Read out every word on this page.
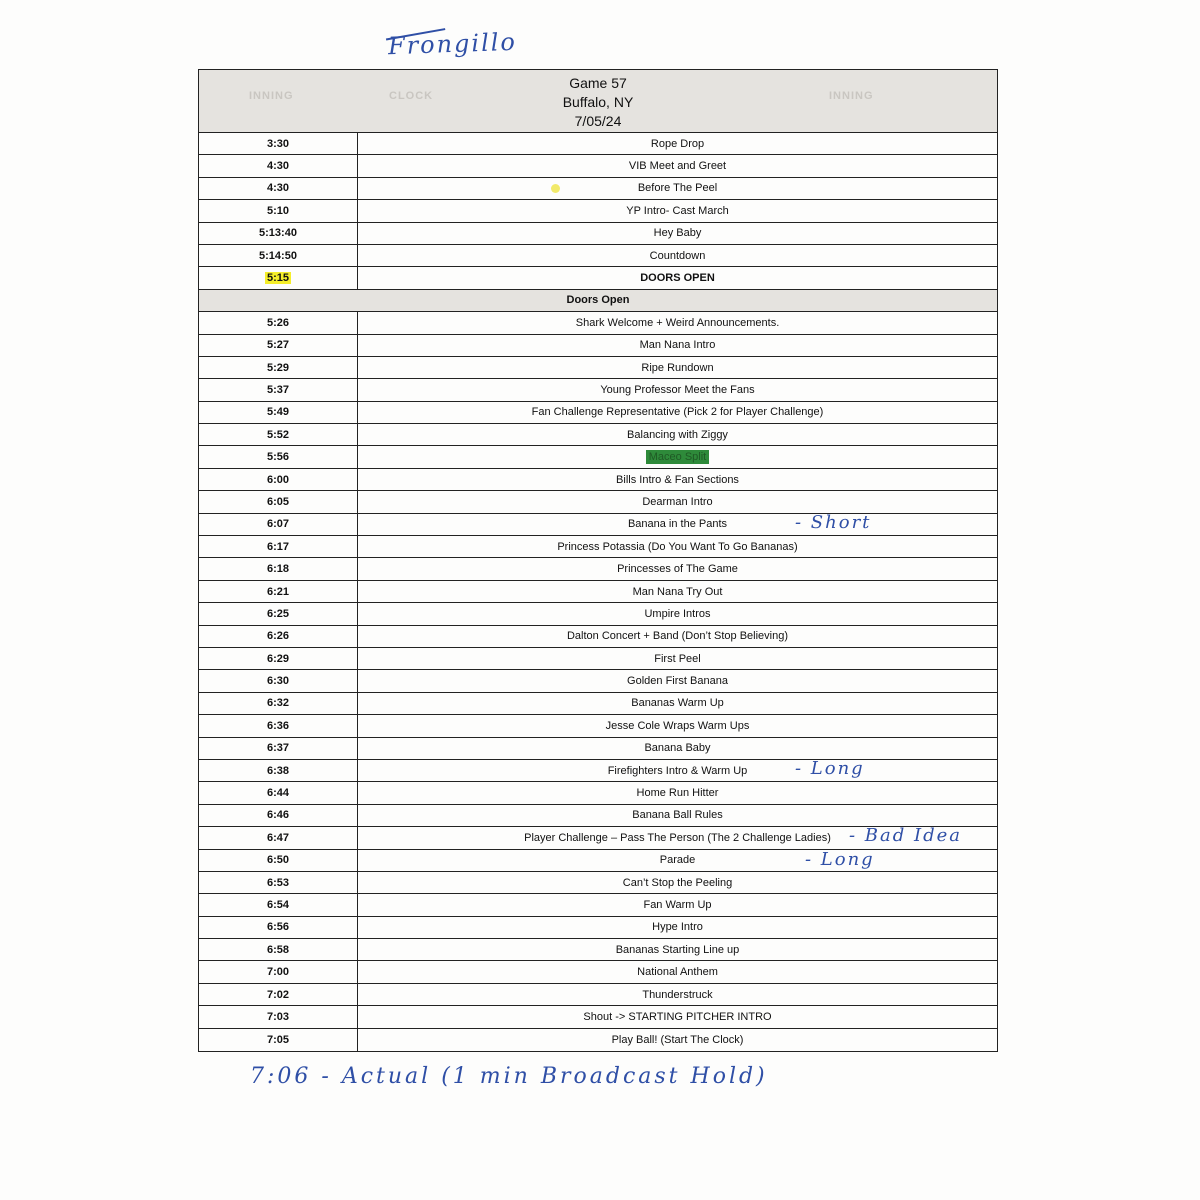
Frongillo
INNING	CLOCK	INNING
Game 57
Buffalo, NY
7/05/24
3:30	Rope Drop
4:30	VIB Meet and Greet
4:30	Before The Peel
5:10	YP Intro- Cast March
5:13:40	Hey Baby
5:14:50	Countdown
5:15	DOORS OPEN
Doors Open
5:26	Shark Welcome + Weird Announcements.
5:27	Man Nana Intro
5:29	Ripe Rundown
5:37	Young Professor Meet the Fans
5:49	Fan Challenge Representative (Pick 2 for Player Challenge)
5:52	Balancing with Ziggy
5:56	Maceo Split
6:00	Bills Intro & Fan Sections
6:05	Dearman Intro
6:07	Banana in the Pants	- Short
6:17	Princess Potassia (Do You Want To Go Bananas)
6:18	Princesses of The Game
6:21	Man Nana Try Out
6:25	Umpire Intros
6:26	Dalton Concert + Band (Don’t Stop Believing)
6:29	First Peel
6:30	Golden First Banana
6:32	Bananas Warm Up
6:36	Jesse Cole Wraps Warm Ups
6:37	Banana Baby
6:38	Firefighters Intro & Warm Up	- Long
6:44	Home Run Hitter
6:46	Banana Ball Rules
6:47	Player Challenge – Pass The Person (The 2 Challenge Ladies)	- Bad Idea
6:50	Parade	- Long
6:53	Can’t Stop the Peeling
6:54	Fan Warm Up
6:56	Hype Intro
6:58	Bananas Starting Line up
7:00	National Anthem
7:02	Thunderstruck
7:03	Shout -> STARTING PITCHER INTRO
7:05	Play Ball! (Start The Clock)
7:06 - Actual (1 min Broadcast Hold)
